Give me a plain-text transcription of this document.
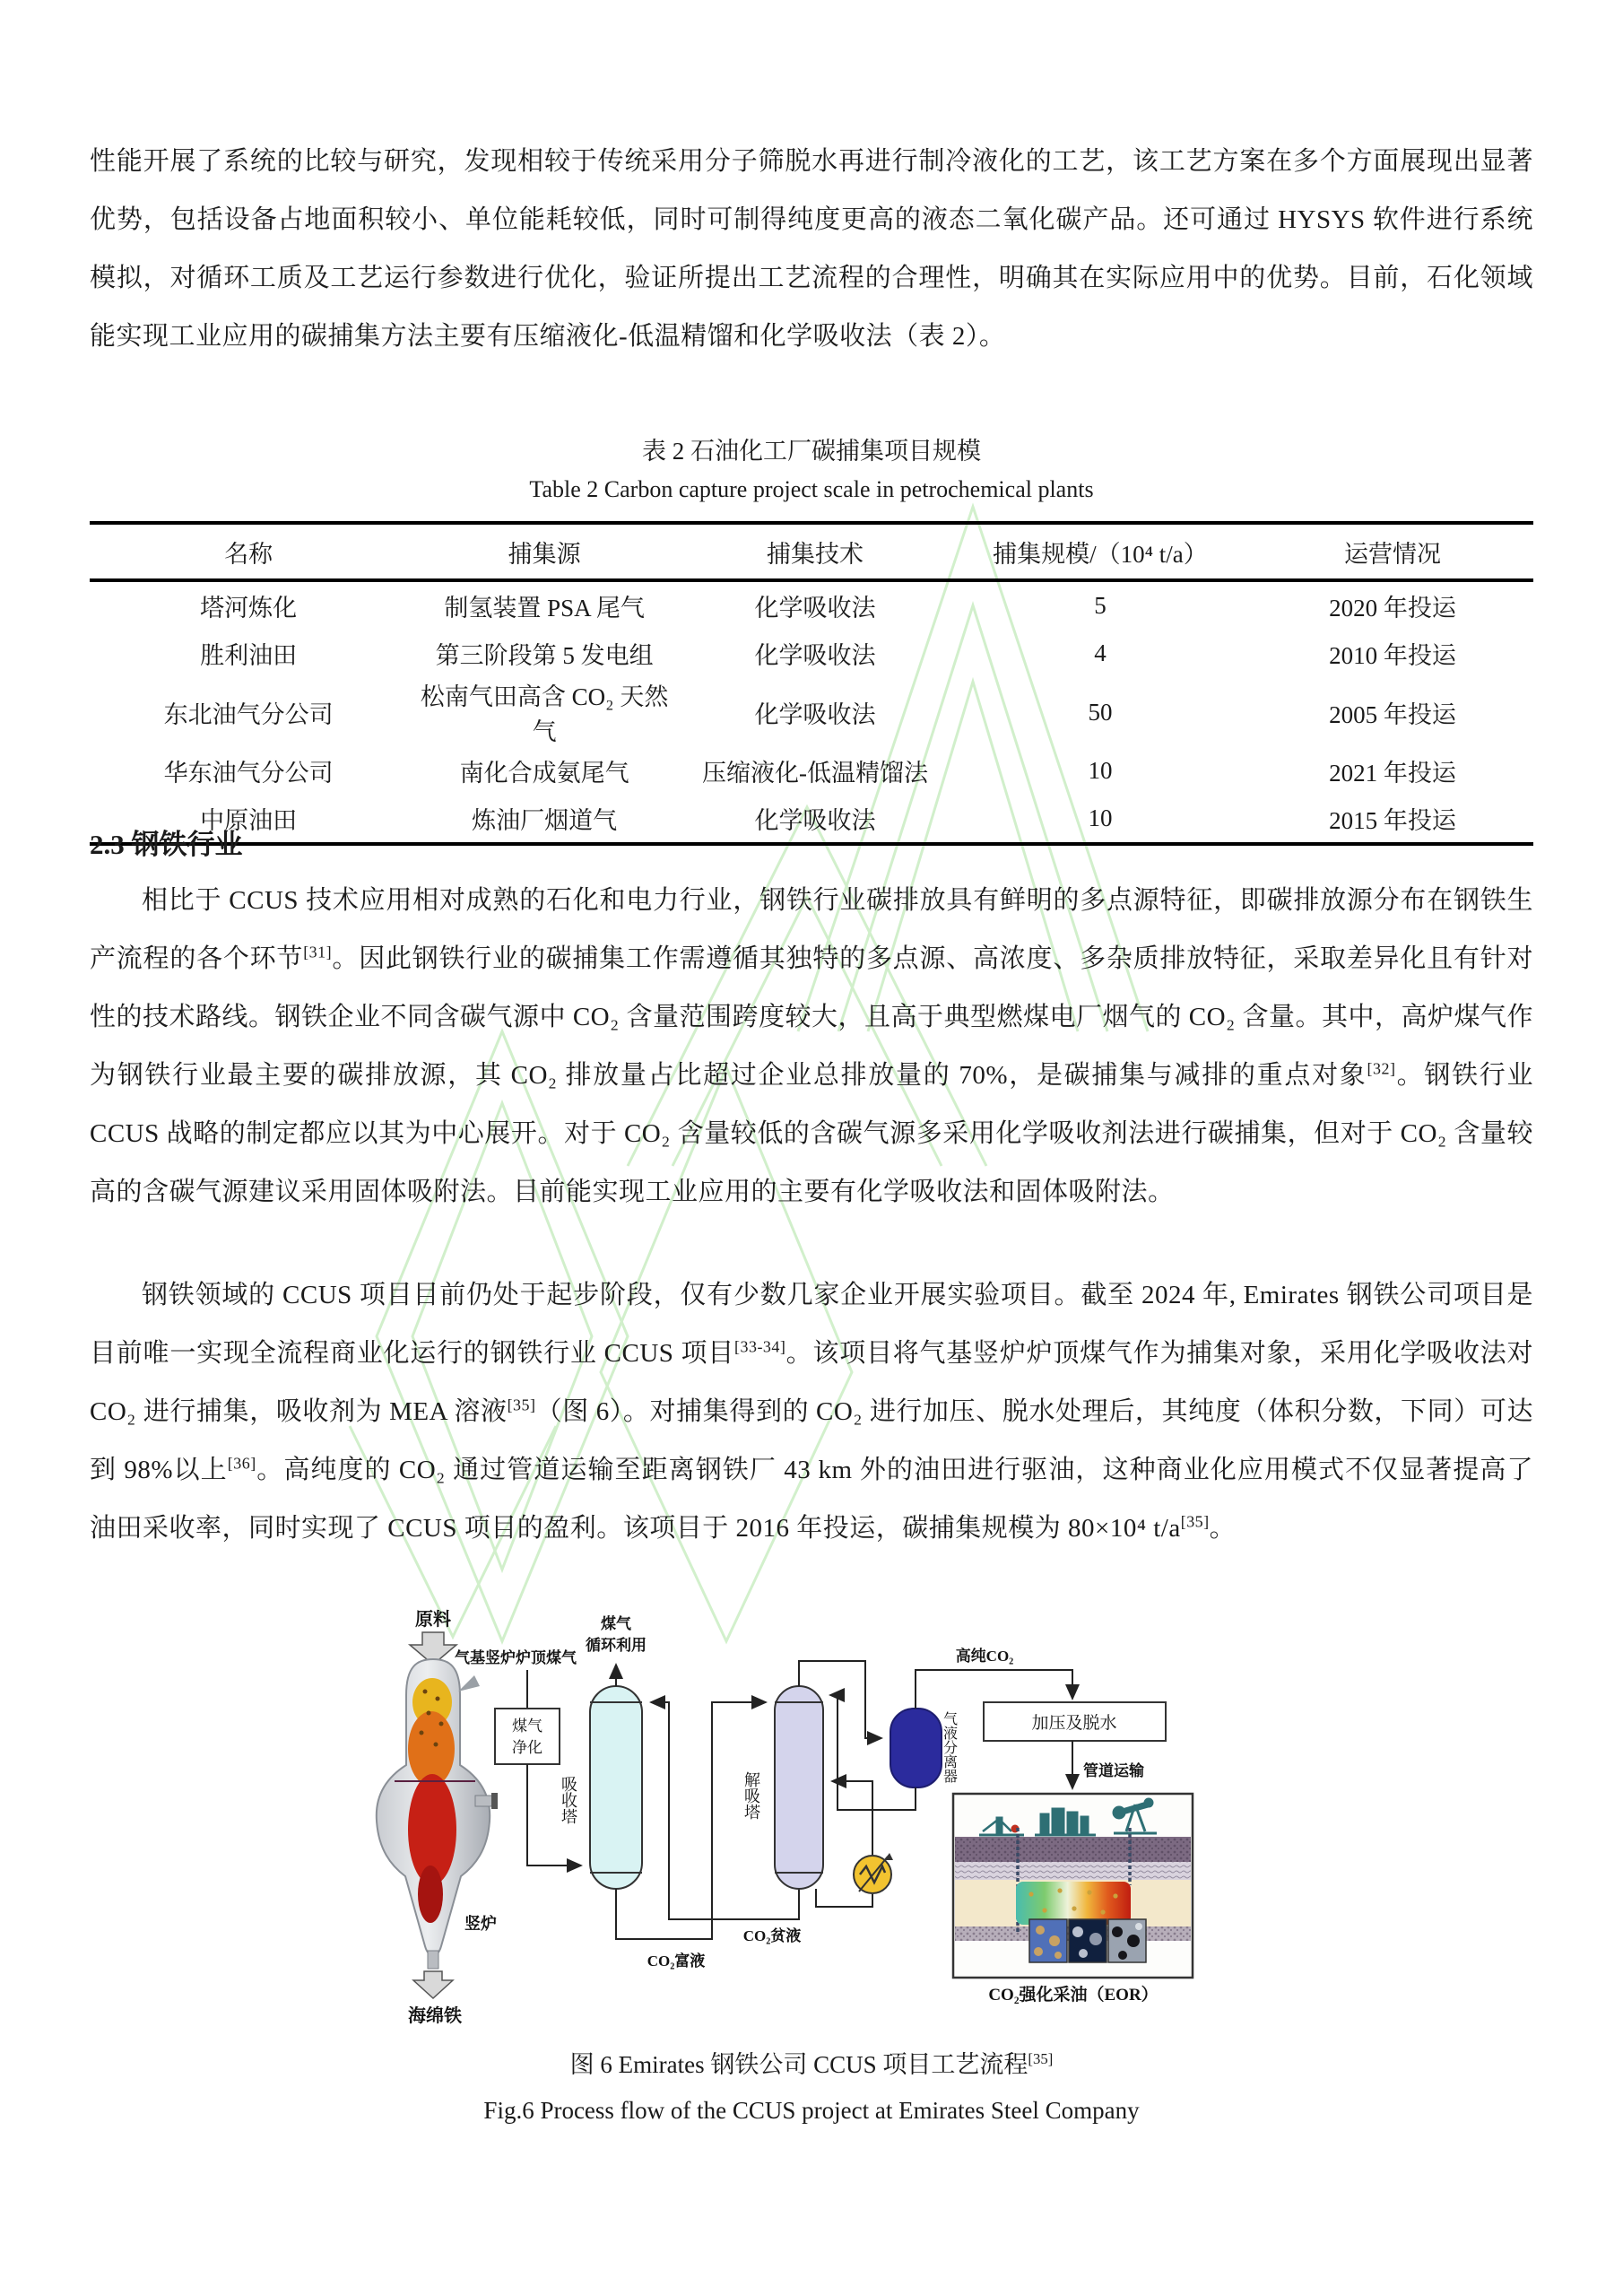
性能开展了系统的比较与研究，发现相较于传统采用分子筛脱水再进行制冷液化的工艺，该工艺方案在多个方面展现出显著优势，包括设备占地面积较小、单位能耗较低，同时可制得纯度更高的液态二氧化碳产品。还可通过 HYSYS 软件进行系统模拟，对循环工质及工艺运行参数进行优化，验证所提出工艺流程的合理性，明确其在实际应用中的优势。目前，石化领域能实现工业应用的碳捕集方法主要有压缩液化-低温精馏和化学吸收法（表 2）。
表 2 石油化工厂碳捕集项目规模
Table 2 Carbon capture project scale in petrochemical plants
名称	捕集源	捕集技术	捕集规模/（10⁴ t/a）	运营情况
塔河炼化	制氢装置 PSA 尾气	化学吸收法	5	2020 年投运
胜利油田	第三阶段第 5 发电组	化学吸收法	4	2010 年投运
东北油气分公司	松南气田高含 CO₂ 天然气	化学吸收法	50	2005 年投运
华东油气分公司	南化合成氨尾气	压缩液化-低温精馏法	10	2021 年投运
中原油田	炼油厂烟道气	化学吸收法	10	2015 年投运
2.3 钢铁行业
相比于 CCUS 技术应用相对成熟的石化和电力行业，钢铁行业碳排放具有鲜明的多点源特征，即碳排放源分布在钢铁生产流程的各个环节[31]。因此钢铁行业的碳捕集工作需遵循其独特的多点源、高浓度、多杂质排放特征，采取差异化且有针对性的技术路线。钢铁企业不同含碳气源中 CO₂ 含量范围跨度较大，且高于典型燃煤电厂烟气的 CO₂ 含量。其中，高炉煤气作为钢铁行业最主要的碳排放源，其 CO₂ 排放量占比超过企业总排放量的 70%，是碳捕集与减排的重点对象[32]。钢铁行业 CCUS 战略的制定都应以其为中心展开。对于 CO₂ 含量较低的含碳气源多采用化学吸收剂法进行碳捕集，但对于 CO₂ 含量较高的含碳气源建议采用固体吸附法。目前能实现工业应用的主要有化学吸收法和固体吸附法。
钢铁领域的 CCUS 项目目前仍处于起步阶段，仅有少数几家企业开展实验项目。截至 2024 年, Emirates 钢铁公司项目是目前唯一实现全流程商业化运行的钢铁行业 CCUS 项目[33-34]。该项目将气基竖炉炉顶煤气作为捕集对象，采用化学吸收法对 CO₂ 进行捕集，吸收剂为 MEA 溶液[35]（图 6）。对捕集得到的 CO₂ 进行加压、脱水处理后，其纯度（体积分数，下同）可达到 98%以上[36]。高纯度的 CO₂ 通过管道运输至距离钢铁厂 43 km 外的油田进行驱油，这种商业化应用模式不仅显著提高了油田采收率，同时实现了 CCUS 项目的盈利。该项目于 2016 年投运，碳捕集规模为 80×10⁴ t/a[35]。
原料
竖炉
海绵铁
气基竖炉炉顶煤气
煤气
净化
吸收塔
煤气
循环利用
CO₂富液
CO₂贫液
解吸塔
气液分离器
高纯CO₂
加压及脱水
管道运输
CO₂强化采油（EOR）
图 6 Emirates 钢铁公司 CCUS 项目工艺流程[35]
Fig.6 Process flow of the CCUS project at Emirates Steel Company
